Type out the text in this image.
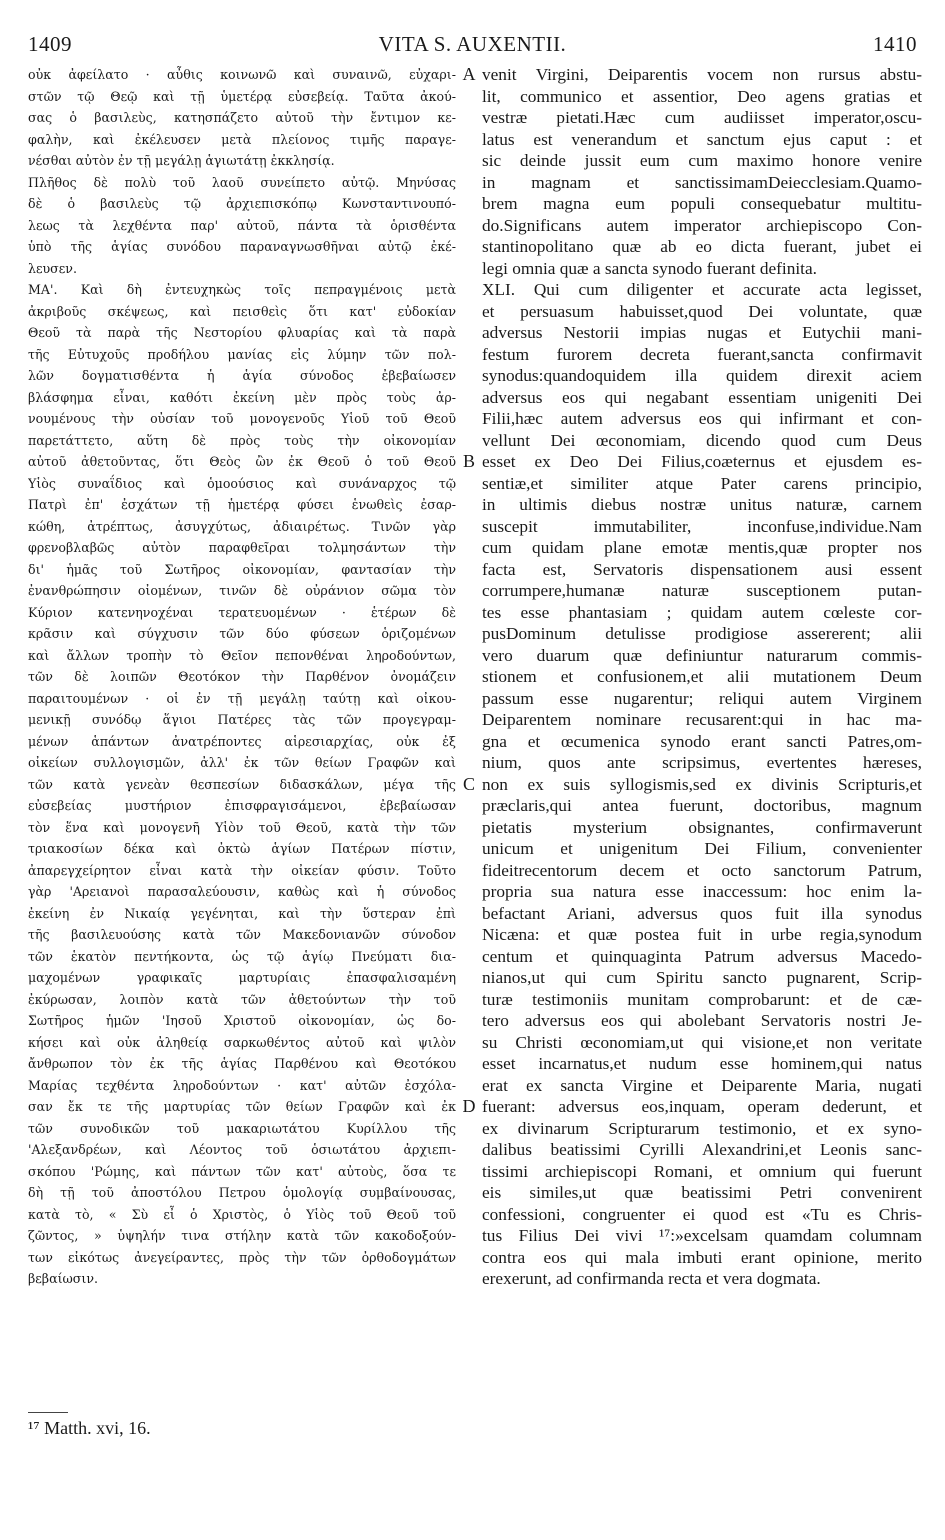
1409	VITA S. AUXENTII.	1410
οὐκ ἀφείλατο · αὖθις κοινωνῶ καὶ συναινῶ, εὐχαρι-
στῶν τῷ Θεῷ καὶ τῇ ὑμετέρᾳ εὐσεβείᾳ. Ταῦτα ἀκού-
σας ὁ βασιλεὺς, κατησπάζετο αὐτοῦ τὴν ἔντιμον κε-
φαλὴν, καὶ ἐκέλευσεν μετὰ πλείονος τιμῆς παραγε-
νέσθαι αὐτὸν ἐν τῇ μεγάλῃ ἁγιωτάτῃ ἐκκλησίᾳ.
Πλῆθος δὲ πολὺ τοῦ λαοῦ συνείπετο αὐτῷ. Μηνύσας
δὲ ὁ βασιλεὺς τῷ ἀρχιεπισκόπῳ Κωνσταντινουπό-
λεως τὰ λεχθέντα παρ' αὐτοῦ, πάντα τὰ ὁρισθέντα
ὑπὸ τῆς ἁγίας συνόδου παραναγνωσθῆναι αὐτῷ ἐκέ-
λευσεν.
ΜΑ'. Καὶ δὴ ἐντευχηκὼς τοῖς πεπραγμένοις μετὰ
ἀκριβοῦς σκέψεως, καὶ πεισθεὶς ὅτι κατ' εὐδοκίαν
Θεοῦ τὰ παρὰ τῆς Νεστορίου φλυαρίας καὶ τὰ παρὰ
τῆς Εὐτυχοῦς προδήλου μανίας εἰς λύμην τῶν πολ-
λῶν δογματισθέντα ἡ ἁγία σύνοδος ἐβεβαίωσεν
βλάσφημα εἶναι, καθότι ἐκείνη μὲν πρὸς τοὺς ἀρ-
νουμένους τὴν οὐσίαν τοῦ μονογενοῦς Υἱοῦ τοῦ Θεοῦ
παρετάττετο, αὕτη δὲ πρὸς τοὺς τὴν οἰκονομίαν
αὐτοῦ ἀθετοῦντας, ὅτι Θεὸς ὢν ἐκ Θεοῦ ὁ τοῦ Θεοῦ
Υἱὸς συναΐδιος καὶ ὁμοούσιος καὶ συνάναρχος τῷ
Πατρὶ ἐπ' ἐσχάτων τῇ ἡμετέρᾳ φύσει ἑνωθεὶς ἐσαρ-
κώθη, ἀτρέπτως, ἀσυγχύτως, ἀδιαιρέτως. Τινῶν γὰρ
φρενοβλαβῶς αὐτὸν παραφθεῖραι τολμησάντων τὴν
δι' ἡμᾶς τοῦ Σωτῆρος οἰκονομίαν, φαντασίαν τὴν
ἐνανθρώπησιν οἰομένων, τινῶν δὲ οὐράνιον σῶμα τὸν
Κύριον κατενηνοχέναι τερατευομένων · ἑτέρων δὲ
κρᾶσιν καὶ σύγχυσιν τῶν δύο φύσεων ὁριζομένων
καὶ ἄλλων τροπὴν τὸ Θεῖον πεπονθέναι ληροδούντων,
τῶν δὲ λοιπῶν Θεοτόκον τὴν Παρθένον ὀνομάζειν
παραιτουμένων · οἱ ἐν τῇ μεγάλῃ ταύτῃ καὶ οἰκου-
μενικῇ συνόδῳ ἅγιοι Πατέρες τὰς τῶν προγεγραμ-
μένων ἁπάντων ἀνατρέποντες αἱρεσιαρχίας, οὐκ ἐξ
οἰκείων συλλογισμῶν, ἀλλ' ἐκ τῶν θείων Γραφῶν καὶ
τῶν κατὰ γενεὰν θεσπεσίων διδασκάλων, μέγα τῆς
εὐσεβείας μυστήριον ἐπισφραγισάμενοι, ἐβεβαίωσαν
τὸν ἕνα καὶ μονογενῆ Υἱὸν τοῦ Θεοῦ, κατὰ τὴν τῶν
τριακοσίων δέκα καὶ ὀκτὼ ἁγίων Πατέρων πίστιν,
ἀπαρεγχείρητον εἶναι κατὰ τὴν οἰκείαν φύσιν. Τοῦτο
γὰρ 'Αρειανοὶ παρασαλεύουσιν, καθὼς καὶ ἡ σύνοδος
ἐκείνη ἐν Νικαίᾳ γεγένηται, καὶ τὴν ὕστεραν ἐπὶ
τῆς βασιλευούσης κατὰ τῶν Μακεδονιανῶν σύνοδον
τῶν ἑκατὸν πεντήκοντα, ὡς τῷ ἁγίῳ Πνεύματι δια-
μαχομένων γραφικαῖς μαρτυρίαις ἐπασφαλισαμένη
ἐκύρωσαν, λοιπὸν κατὰ τῶν ἀθετούντων τὴν τοῦ
Σωτῆρος ἡμῶν 'Ιησοῦ Χριστοῦ οἰκονομίαν, ὡς δο-
κήσει καὶ οὐκ ἀληθείᾳ σαρκωθέντος αὐτοῦ καὶ ψιλὸν
ἄνθρωπον τὸν ἐκ τῆς ἁγίας Παρθένου καὶ Θεοτόκου
Μαρίας τεχθέντα ληροδούντων · κατ' αὐτῶν ἐσχόλα-
σαν ἔκ τε τῆς μαρτυρίας τῶν θείων Γραφῶν καὶ ἐκ
τῶν συνοδικῶν τοῦ μακαριωτάτου Κυρίλλου τῆς
'Αλεξανδρέων, καὶ Λέοντος τοῦ ὁσιωτάτου ἀρχιεπι-
σκόπου 'Ρώμης, καὶ πάντων τῶν κατ' αὐτοὺς, ὅσα τε
δὴ τῇ τοῦ ἀποστόλου Πετρου ὁμολογίᾳ συμβαίνουσας,
κατὰ τὸ, « Σὺ εἶ ὁ Χριστὸς, ὁ Υἱὸς τοῦ Θεοῦ τοῦ
ζῶντος, » ὑψηλήν τινα στήλην κατὰ τῶν κακοδοξούν-
των εἰκότως ἀνεγείραντες, πρὸς τὴν τῶν ὀρθοδογμάτων
βεβαίωσιν.
venit Virgini, Deiparentis vocem non rursus abstu-
lit, communico et assentior, Deo agens gratias et
vestræ pietati.Hæc cum audiisset imperator,oscu-
latus est venerandum et sanctum ejus caput : et
sic deinde jussit eum cum maximo honore venire
in magnam et sanctissimamDeiecclesiam.Quamo-
brem magna eum populi consequebatur multitu-
do.Significans autem imperator archiepiscopo Con-
stantinopolitano quæ ab eo dicta fuerant, jubet ei
legi omnia quæ a sancta synodo fuerant definita.
XLI. Qui cum diligenter et accurate acta legisset,
et persuasum habuisset,quod Dei voluntate, quæ
adversus Nestorii impias nugas et Eutychii mani-
festum furorem decreta fuerant,sancta confirmavit
synodus:quandoquidem illa quidem direxit aciem
adversus eos qui negabant essentiam unigeniti Dei
Filii,hæc autem adversus eos qui infirmant et con-
vellunt Dei œconomiam, dicendo quod cum Deus
esset ex Deo Dei Filius,coæternus et ejusdem es-
sentiæ,et similiter atque Pater carens principio,
in ultimis diebus nostræ unitus naturæ, carnem
suscepit immutabiliter, inconfuse,individue.Nam
cum quidam plane emotæ mentis,quæ propter nos
facta est, Servatoris dispensationem ausi essent
corrumpere,humanæ naturæ susceptionem putan-
tes esse phantasiam ; quidam autem cœleste cor-
pusDominum detulisse prodigiose assererent; alii
vero duarum quæ definiuntur naturarum commis-
stionem et confusionem,et alii mutationem Deum
passum esse nugarentur; reliqui autem Virginem
Deiparentem nominare recusarent:qui in hac ma-
gna et œcumenica synodo erant sancti Patres,om-
nium, quos ante scripsimus, evertentes hæreses,
non ex suis syllogismis,sed ex divinis Scripturis,et
præclaris,qui antea fuerunt, doctoribus, magnum
pietatis mysterium obsignantes, confirmaverunt
unicum et unigenitum Dei Filium, convenienter
fideitrecentorum decem et octo sanctorum Patrum,
propria sua natura esse inaccessum: hoc enim la-
befactant Ariani, adversus quos fuit illa synodus
Nicæna: et quæ postea fuit in urbe regia,synodum
centum et quinquaginta Patrum adversus Macedo-
nianos,ut qui cum Spiritu sancto pugnarent, Scrip-
turæ testimoniis munitam comprobarunt: et de cæ-
tero adversus eos qui abolebant Servatoris nostri Je-
su Christi œconomiam,ut qui visione,et non veritate
esset incarnatus,et nudum esse hominem,qui natus
erat ex sancta Virgine et Deiparente Maria, nugati
fuerant: adversus eos,inquam, operam dederunt, et
ex divinarum Scripturarum testimonio, et ex syno-
dalibus beatissimi Cyrilli Alexandrini,et Leonis sanc-
tissimi archiepiscopi Romani, et omnium qui fuerunt
eis similes,ut quæ beatissimi Petri convenirent
confessioni, congruenter ei quod est «Tu es Chris-
tus Filius Dei vivi ¹⁷:»excelsam quamdam columnam
contra eos qui mala imbuti erant opinione, merito
erexerunt, ad confirmanda recta et vera dogmata.
A
B
C
D
¹⁷ Matth. xvi, 16.
